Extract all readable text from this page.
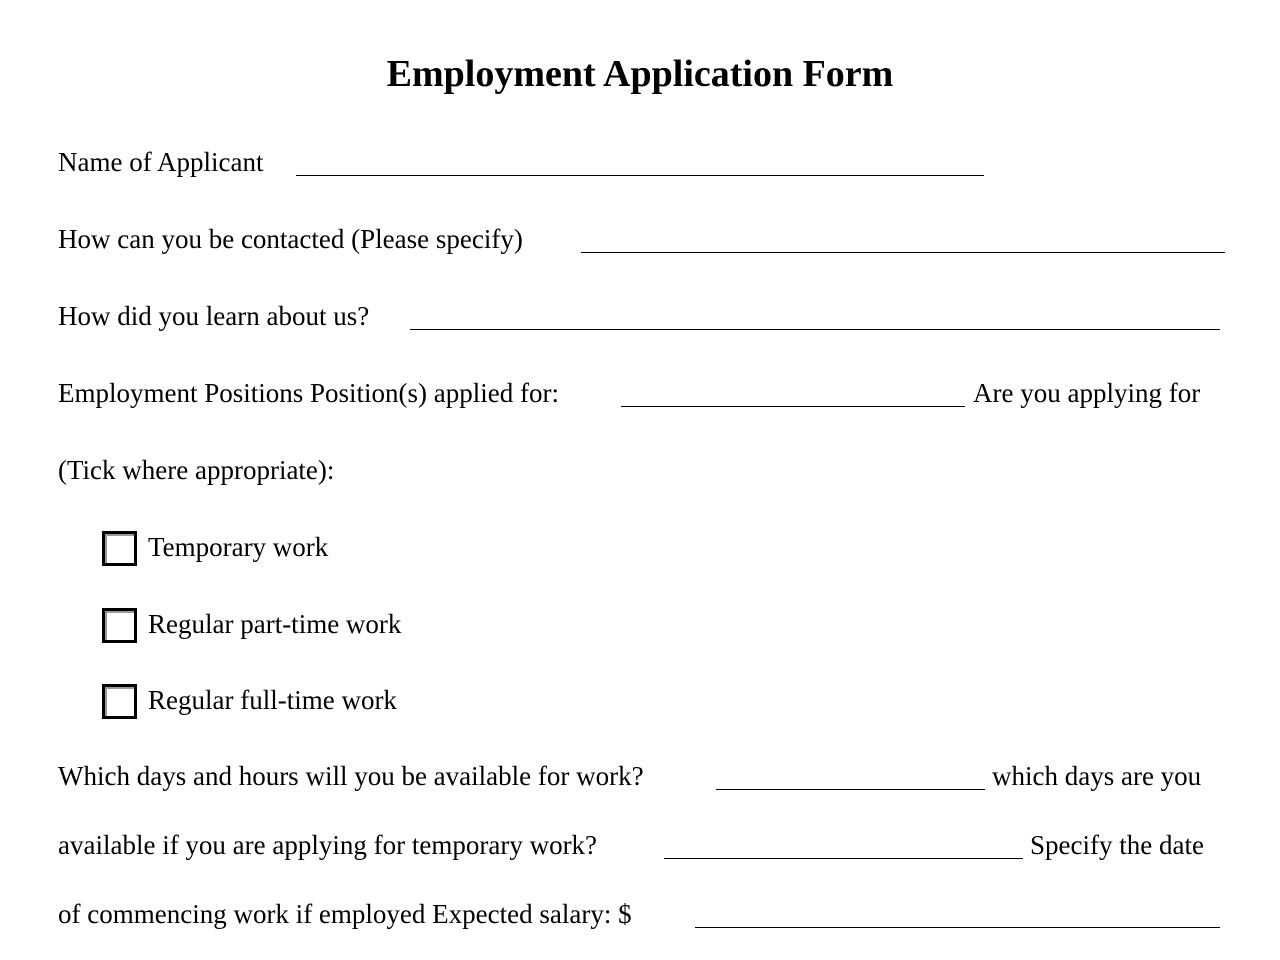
Employment Application Form
Name of Applicant
How can you be contacted (Please specify)
How did you learn about us?
Employment Positions Position(s) applied for:	Are you applying for
(Tick where appropriate):
Temporary work
Regular part-time work
Regular full-time work
Which days and hours will you be available for work?	which days are you
available if you are applying for temporary work?	Specify the date
of commencing work if employed Expected salary: $
